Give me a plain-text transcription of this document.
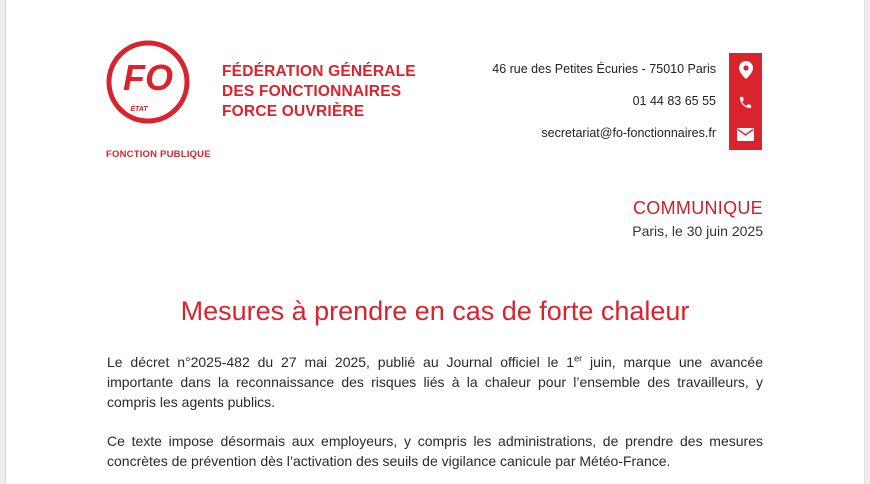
FO
ÉTAT
FONCTION PUBLIQUE
FÉDÉRATION GÉNÉRALE
DES FONCTIONNAIRES
FORCE OUVRIÈRE
46 rue des Petites Écuries - 75010 Paris
01 44 83 65 55
secretariat@fo-fonctionnaires.fr
COMMUNIQUE
Paris, le 30 juin 2025
Mesures à prendre en cas de forte chaleur

Le décret n°2025-482 du 27 mai 2025, publié au Journal officiel le 1er juin, marque une avancée importante dans la reconnaissance des risques liés à la chaleur pour l’ensemble des travailleurs, y compris les agents publics.

Ce texte impose désormais aux employeurs, y compris les administrations, de prendre des mesures concrètes de prévention dès l’activation des seuils de vigilance canicule par Météo-France.
